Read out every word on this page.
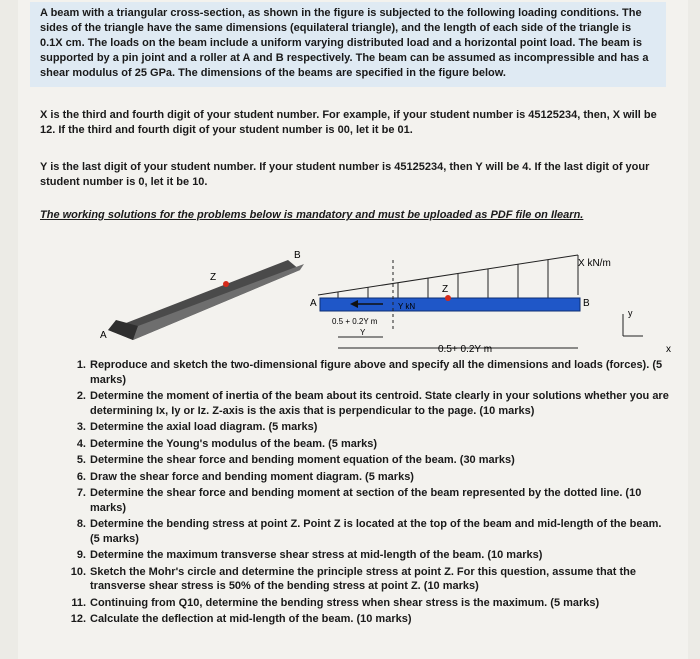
A beam with a triangular cross-section, as shown in the figure is subjected to the following loading conditions. The sides of the triangle have the same dimensions (equilateral triangle), and the length of each side of the triangle is 0.1X cm. The loads on the beam include a uniform varying distributed load and a horizontal point load. The beam is supported by a pin joint and a roller at A and B respectively. The beam can be assumed as incompressible and has a shear modulus of 25 GPa. The dimensions of the beams are specified in the figure below.
X is the third and fourth digit of your student number. For example, if your student number is 45125234, then, X will be 12. If the third and fourth digit of your student number is 00, let it be 01.
Y is the last digit of your student number. If your student number is 45125234, then Y will be 4. If the last digit of your student number is 0, let it be 10.
The working solutions for the problems below is mandatory and must be uploaded as PDF file on Ilearn.
Z
B
A
X kN/m
Z
A	B
Y kN
0.5 + 0.2Y m
Y
0.5+ 0.2Y m
y
x
1. Reproduce and sketch the two-dimensional figure above and specify all the dimensions and loads (forces). (5 marks)
2. Determine the moment of inertia of the beam about its centroid. State clearly in your solutions whether you are determining Ix, Iy or Iz. Z-axis is the axis that is perpendicular to the page. (10 marks)
3. Determine the axial load diagram. (5 marks)
4. Determine the Young's modulus of the beam. (5 marks)
5. Determine the shear force and bending moment equation of the beam. (30 marks)
6. Draw the shear force and bending moment diagram. (5 marks)
7. Determine the shear force and bending moment at section of the beam represented by the dotted line. (10 marks)
8. Determine the bending stress at point Z. Point Z is located at the top of the beam and mid-length of the beam. (5 marks)
9. Determine the maximum transverse shear stress at mid-length of the beam. (10 marks)
10. Sketch the Mohr's circle and determine the principle stress at point Z. For this question, assume that the transverse shear stress is 50% of the bending stress at point Z. (10 marks)
11. Continuing from Q10, determine the bending stress when shear stress is the maximum. (5 marks)
12. Calculate the deflection at mid-length of the beam. (10 marks)
